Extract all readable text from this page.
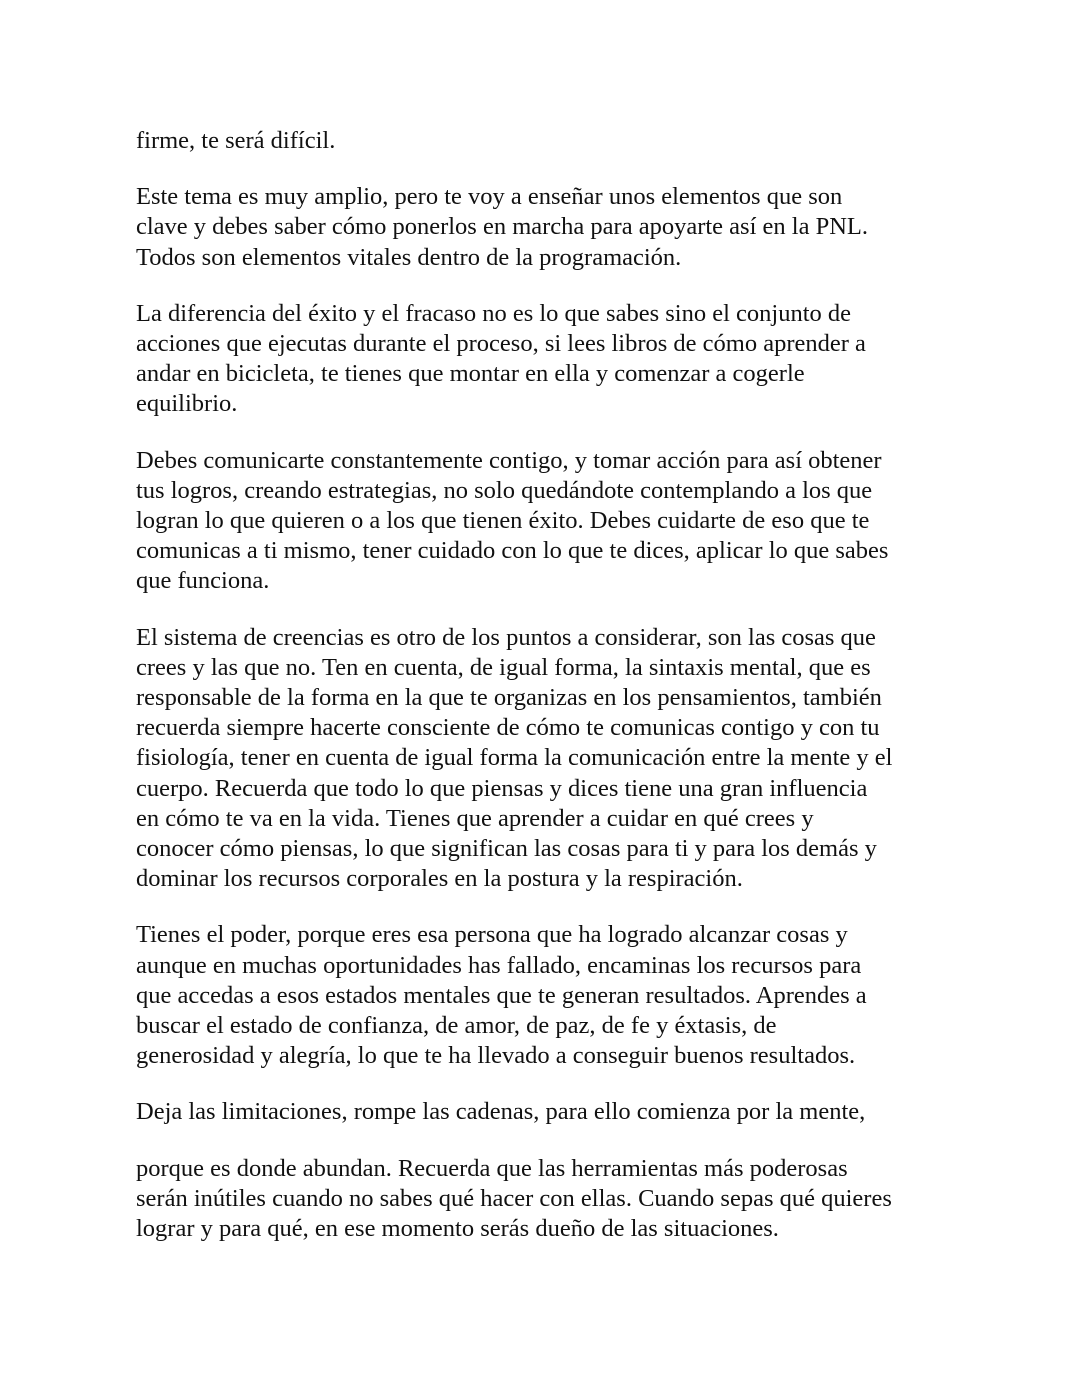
firme, te será difícil.

Este tema es muy amplio, pero te voy a enseñar unos elementos que son
clave y debes saber cómo ponerlos en marcha para apoyarte así en la PNL.
Todos son elementos vitales dentro de la programación.

La diferencia del éxito y el fracaso no es lo que sabes sino el conjunto de
acciones que ejecutas durante el proceso, si lees libros de cómo aprender a
andar en bicicleta, te tienes que montar en ella y comenzar a cogerle
equilibrio.

Debes comunicarte constantemente contigo, y tomar acción para así obtener
tus logros, creando estrategias, no solo quedándote contemplando a los que
logran lo que quieren o a los que tienen éxito. Debes cuidarte de eso que te
comunicas a ti mismo, tener cuidado con lo que te dices, aplicar lo que sabes
que funciona.

El sistema de creencias es otro de los puntos a considerar, son las cosas que
crees y las que no. Ten en cuenta, de igual forma, la sintaxis mental, que es
responsable de la forma en la que te organizas en los pensamientos, también
recuerda siempre hacerte consciente de cómo te comunicas contigo y con tu
fisiología, tener en cuenta de igual forma la comunicación entre la mente y el
cuerpo. Recuerda que todo lo que piensas y dices tiene una gran influencia
en cómo te va en la vida. Tienes que aprender a cuidar en qué crees y
conocer cómo piensas, lo que significan las cosas para ti y para los demás y
dominar los recursos corporales en la postura y la respiración.

Tienes el poder, porque eres esa persona que ha logrado alcanzar cosas y
aunque en muchas oportunidades has fallado, encaminas los recursos para
que accedas a esos estados mentales que te generan resultados. Aprendes a
buscar el estado de confianza, de amor, de paz, de fe y éxtasis, de
generosidad y alegría, lo que te ha llevado a conseguir buenos resultados.

Deja las limitaciones, rompe las cadenas, para ello comienza por la mente,

porque es donde abundan. Recuerda que las herramientas más poderosas
serán inútiles cuando no sabes qué hacer con ellas. Cuando sepas qué quieres
lograr y para qué, en ese momento serás dueño de las situaciones.
